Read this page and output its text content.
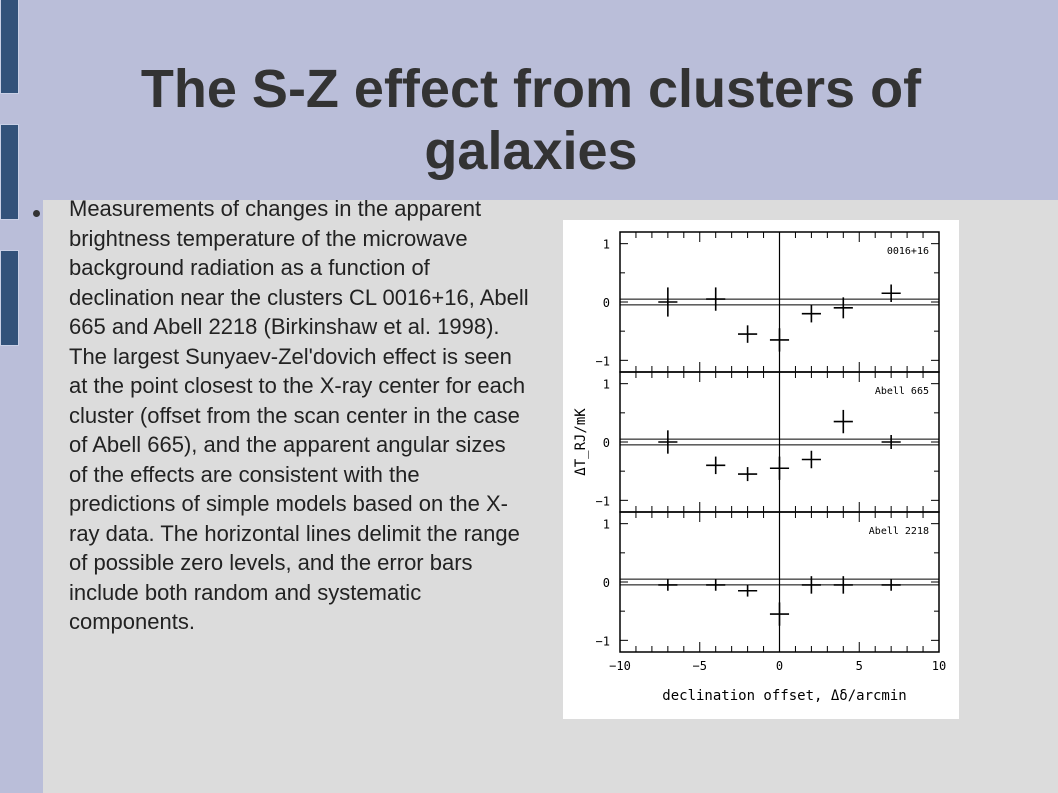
The S-Z effect from clusters of galaxies

Measurements of changes in the apparent brightness temperature of the microwave background radiation as a function of declination near the clusters CL 0016+16, Abell 665 and Abell 2218 (Birkinshaw et al. 1998). The largest Sunyaev-Zel'dovich effect is seen at the point closest to the X-ray center for each cluster (offset from the scan center in the case of Abell 665), and the apparent angular sizes of the effects are consistent with the predictions of simple models based on the X-ray data. The horizontal lines delimit the range of possible zero levels, and the error bars include both random and systematic components.

1
0
−1
0016+16
1
0
−1
Abell 665
1
0
−1
Abell 2218
−10	−5	0	5	10
declination offset, Δδ/arcmin
ΔT_RJ/mK
